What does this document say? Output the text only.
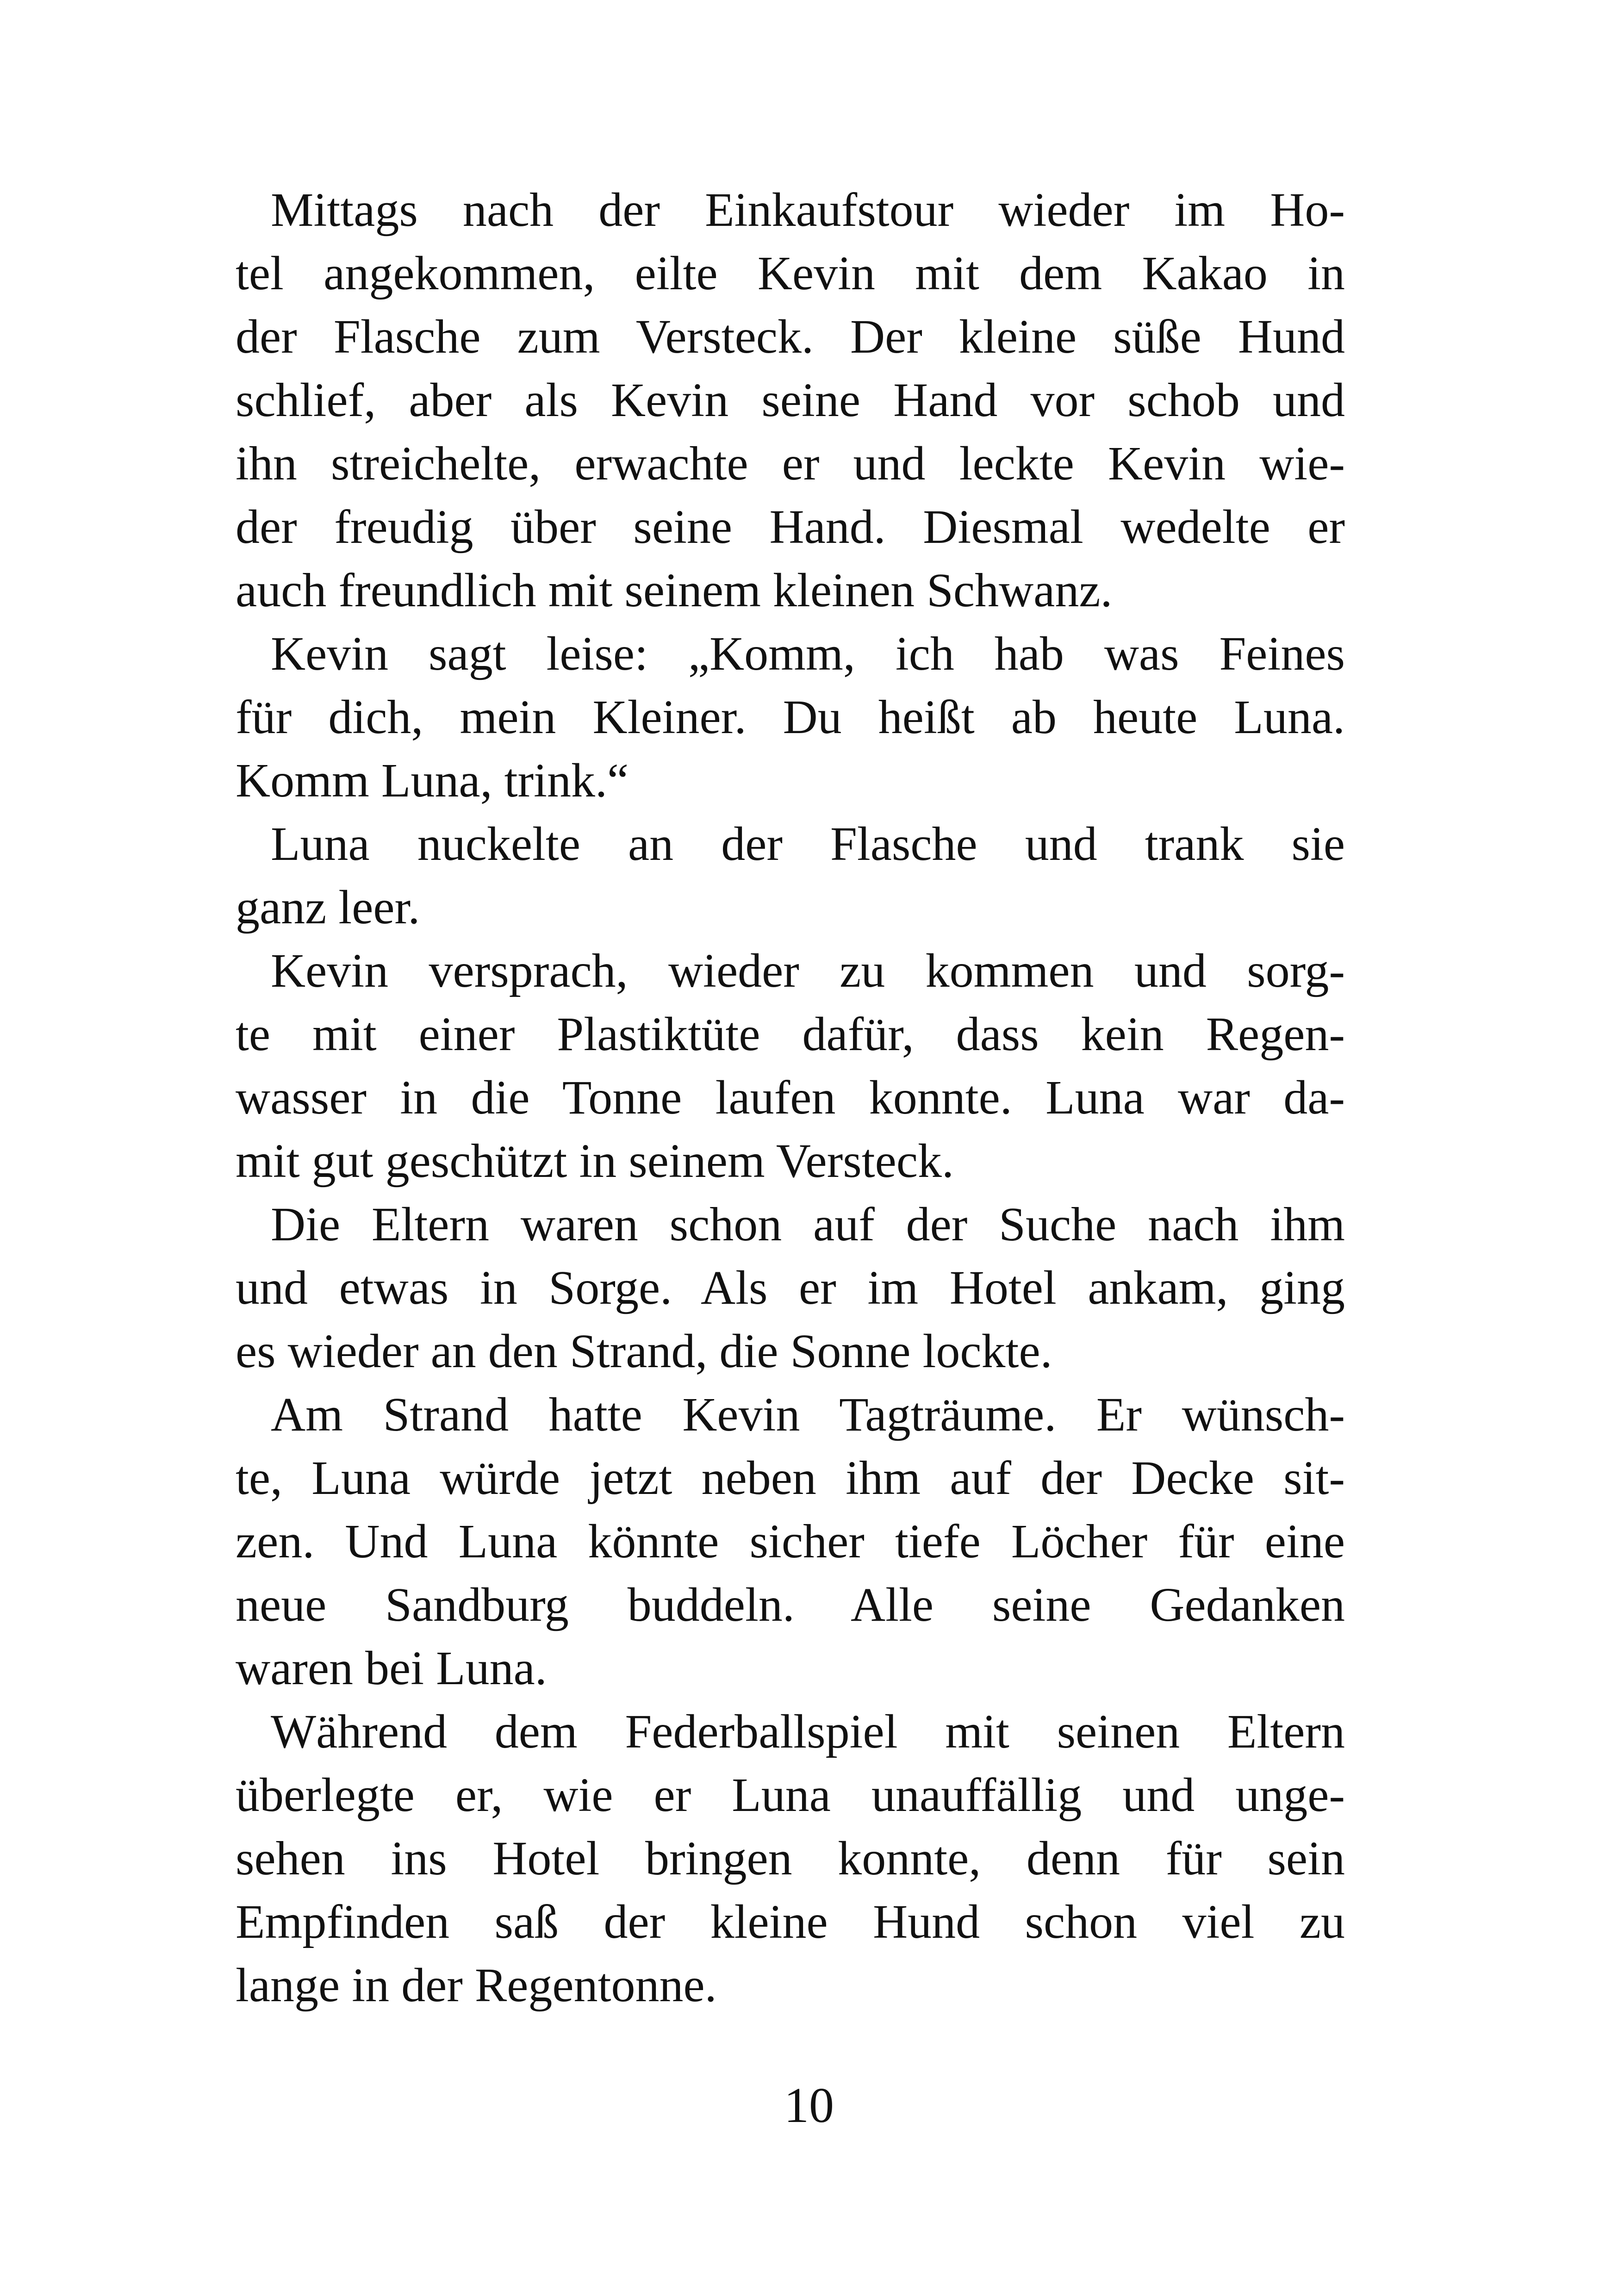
Mittags nach der Einkaufstour wieder im Ho-
tel angekommen, eilte Kevin mit dem Kakao in
der Flasche zum Versteck. Der kleine süße Hund
schlief, aber als Kevin seine Hand vor schob und
ihn streichelte, erwachte er und leckte Kevin wie-
der freudig über seine Hand. Diesmal wedelte er
auch freundlich mit seinem kleinen Schwanz.
Kevin sagt leise: „Komm, ich hab was Feines
für dich, mein Kleiner. Du heißt ab heute Luna.
Komm Luna, trink.“
Luna nuckelte an der Flasche und trank sie
ganz leer.
Kevin versprach, wieder zu kommen und sorg-
te mit einer Plastiktüte dafür, dass kein Regen-
wasser in die Tonne laufen konnte. Luna war da-
mit gut geschützt in seinem Versteck.
Die Eltern waren schon auf der Suche nach ihm
und etwas in Sorge. Als er im Hotel ankam, ging
es wieder an den Strand, die Sonne lockte.
Am Strand hatte Kevin Tagträume. Er wünsch-
te, Luna würde jetzt neben ihm auf der Decke sit-
zen. Und Luna könnte sicher tiefe Löcher für eine
neue Sandburg buddeln. Alle seine Gedanken
waren bei Luna.
Während dem Federballspiel mit seinen Eltern
überlegte er, wie er Luna unauffällig und unge-
sehen ins Hotel bringen konnte, denn für sein
Empfinden saß der kleine Hund schon viel zu
lange in der Regentonne.
10
